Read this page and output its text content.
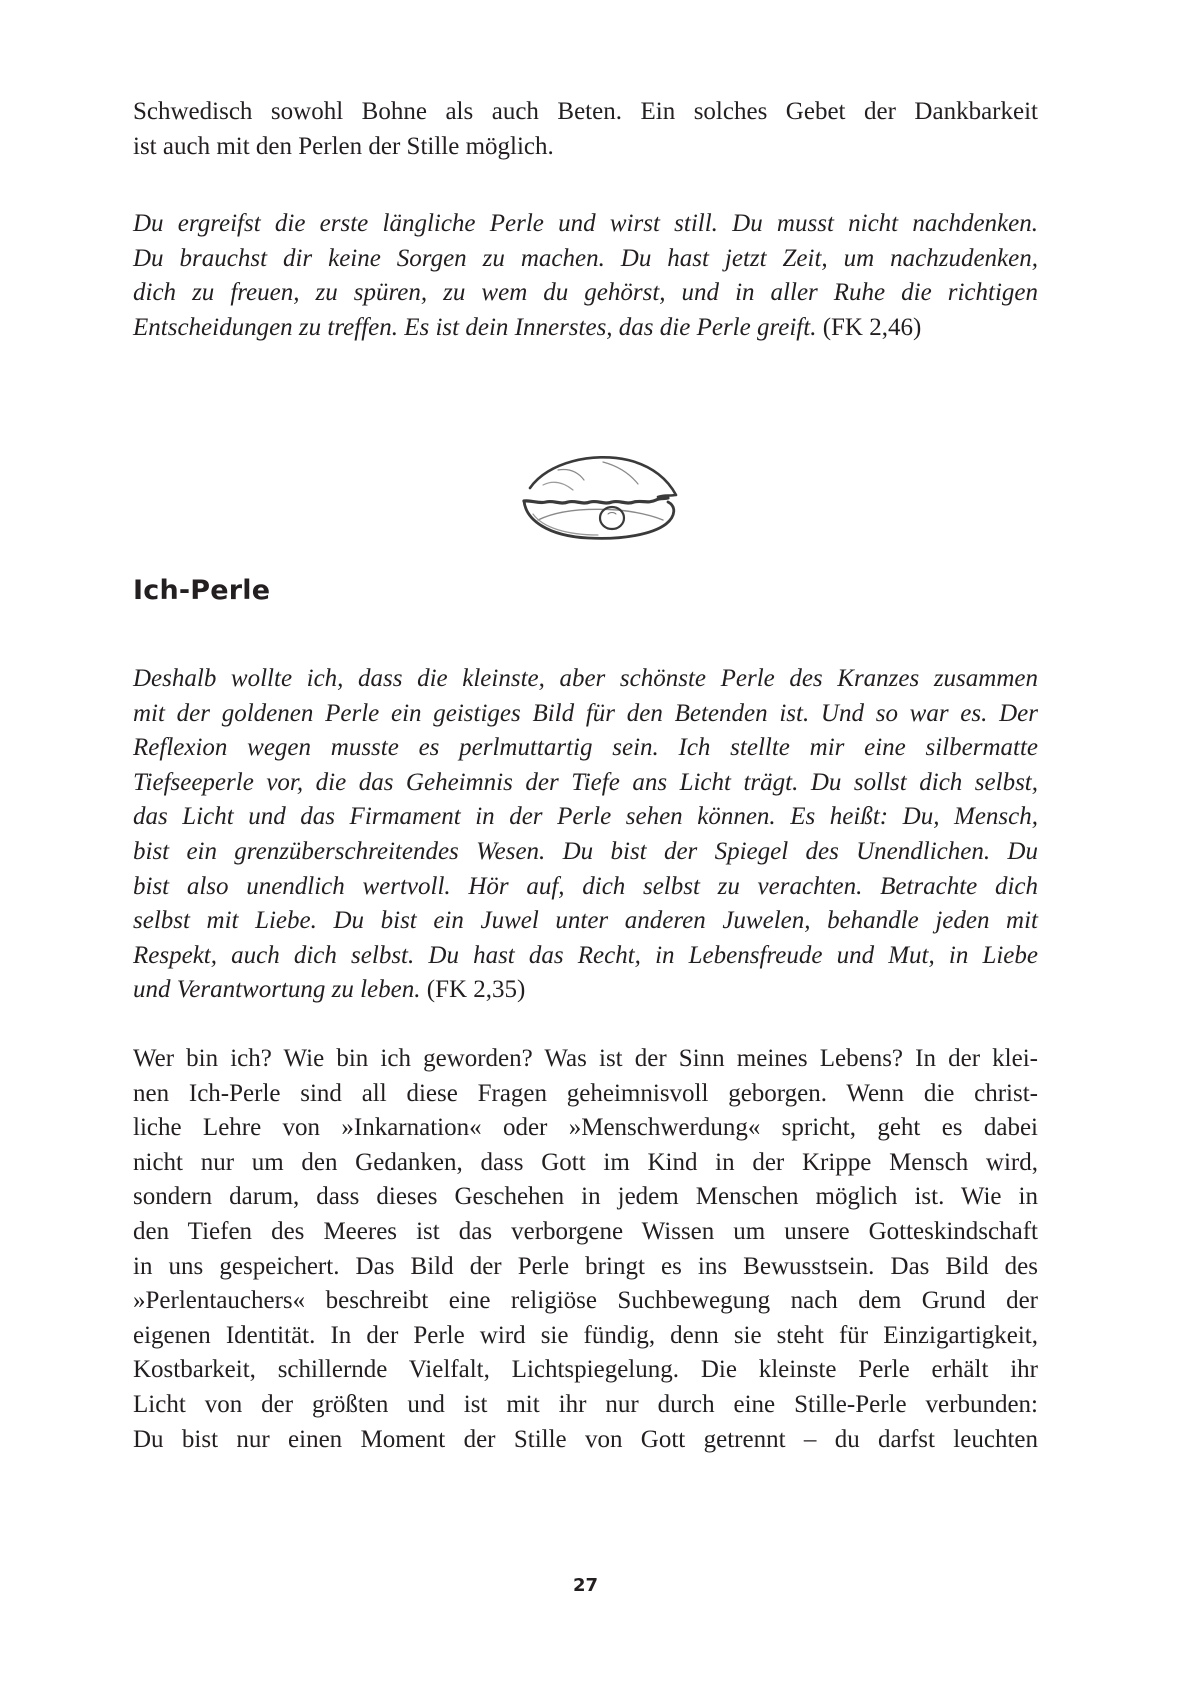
Schwedisch sowohl Bohne als auch Beten. Ein solches Gebet der Dankbarkeit
ist auch mit den Perlen der Stille möglich.

Du ergreifst die erste längliche Perle und wirst still. Du musst nicht nachdenken.
Du brauchst dir keine Sorgen zu machen. Du hast jetzt Zeit, um nachzudenken,
dich zu freuen, zu spüren, zu wem du gehörst, und in aller Ruhe die richtigen
Entscheidungen zu treffen. Es ist dein Innerstes, das die Perle greift. (FK 2,46)

Ich-Perle

Deshalb wollte ich, dass die kleinste, aber schönste Perle des Kranzes zusammen
mit der goldenen Perle ein geistiges Bild für den Betenden ist. Und so war es. Der
Reflexion wegen musste es perlmuttartig sein. Ich stellte mir eine silbermatte
Tiefseeperle vor, die das Geheimnis der Tiefe ans Licht trägt. Du sollst dich selbst,
das Licht und das Firmament in der Perle sehen können. Es heißt: Du, Mensch,
bist ein grenzüberschreitendes Wesen. Du bist der Spiegel des Unendlichen. Du
bist also unendlich wertvoll. Hör auf, dich selbst zu verachten. Betrachte dich
selbst mit Liebe. Du bist ein Juwel unter anderen Juwelen, behandle jeden mit
Respekt, auch dich selbst. Du hast das Recht, in Lebensfreude und Mut, in Liebe
und Verantwortung zu leben. (FK 2,35)

Wer bin ich? Wie bin ich geworden? Was ist der Sinn meines Lebens? In der klei-
nen Ich-Perle sind all diese Fragen geheimnisvoll geborgen. Wenn die christ-
liche Lehre von »Inkarnation« oder »Menschwerdung« spricht, geht es dabei
nicht nur um den Gedanken, dass Gott im Kind in der Krippe Mensch wird,
sondern darum, dass dieses Geschehen in jedem Menschen möglich ist. Wie in
den Tiefen des Meeres ist das verborgene Wissen um unsere Gotteskindschaft
in uns gespeichert. Das Bild der Perle bringt es ins Bewusstsein. Das Bild des
»Perlentauchers« beschreibt eine religiöse Suchbewegung nach dem Grund der
eigenen Identität. In der Perle wird sie fündig, denn sie steht für Einzigartigkeit,
Kostbarkeit, schillernde Vielfalt, Lichtspiegelung. Die kleinste Perle erhält ihr
Licht von der größten und ist mit ihr nur durch eine Stille-Perle verbunden:
Du bist nur einen Moment der Stille von Gott getrennt – du darfst leuchten

27
